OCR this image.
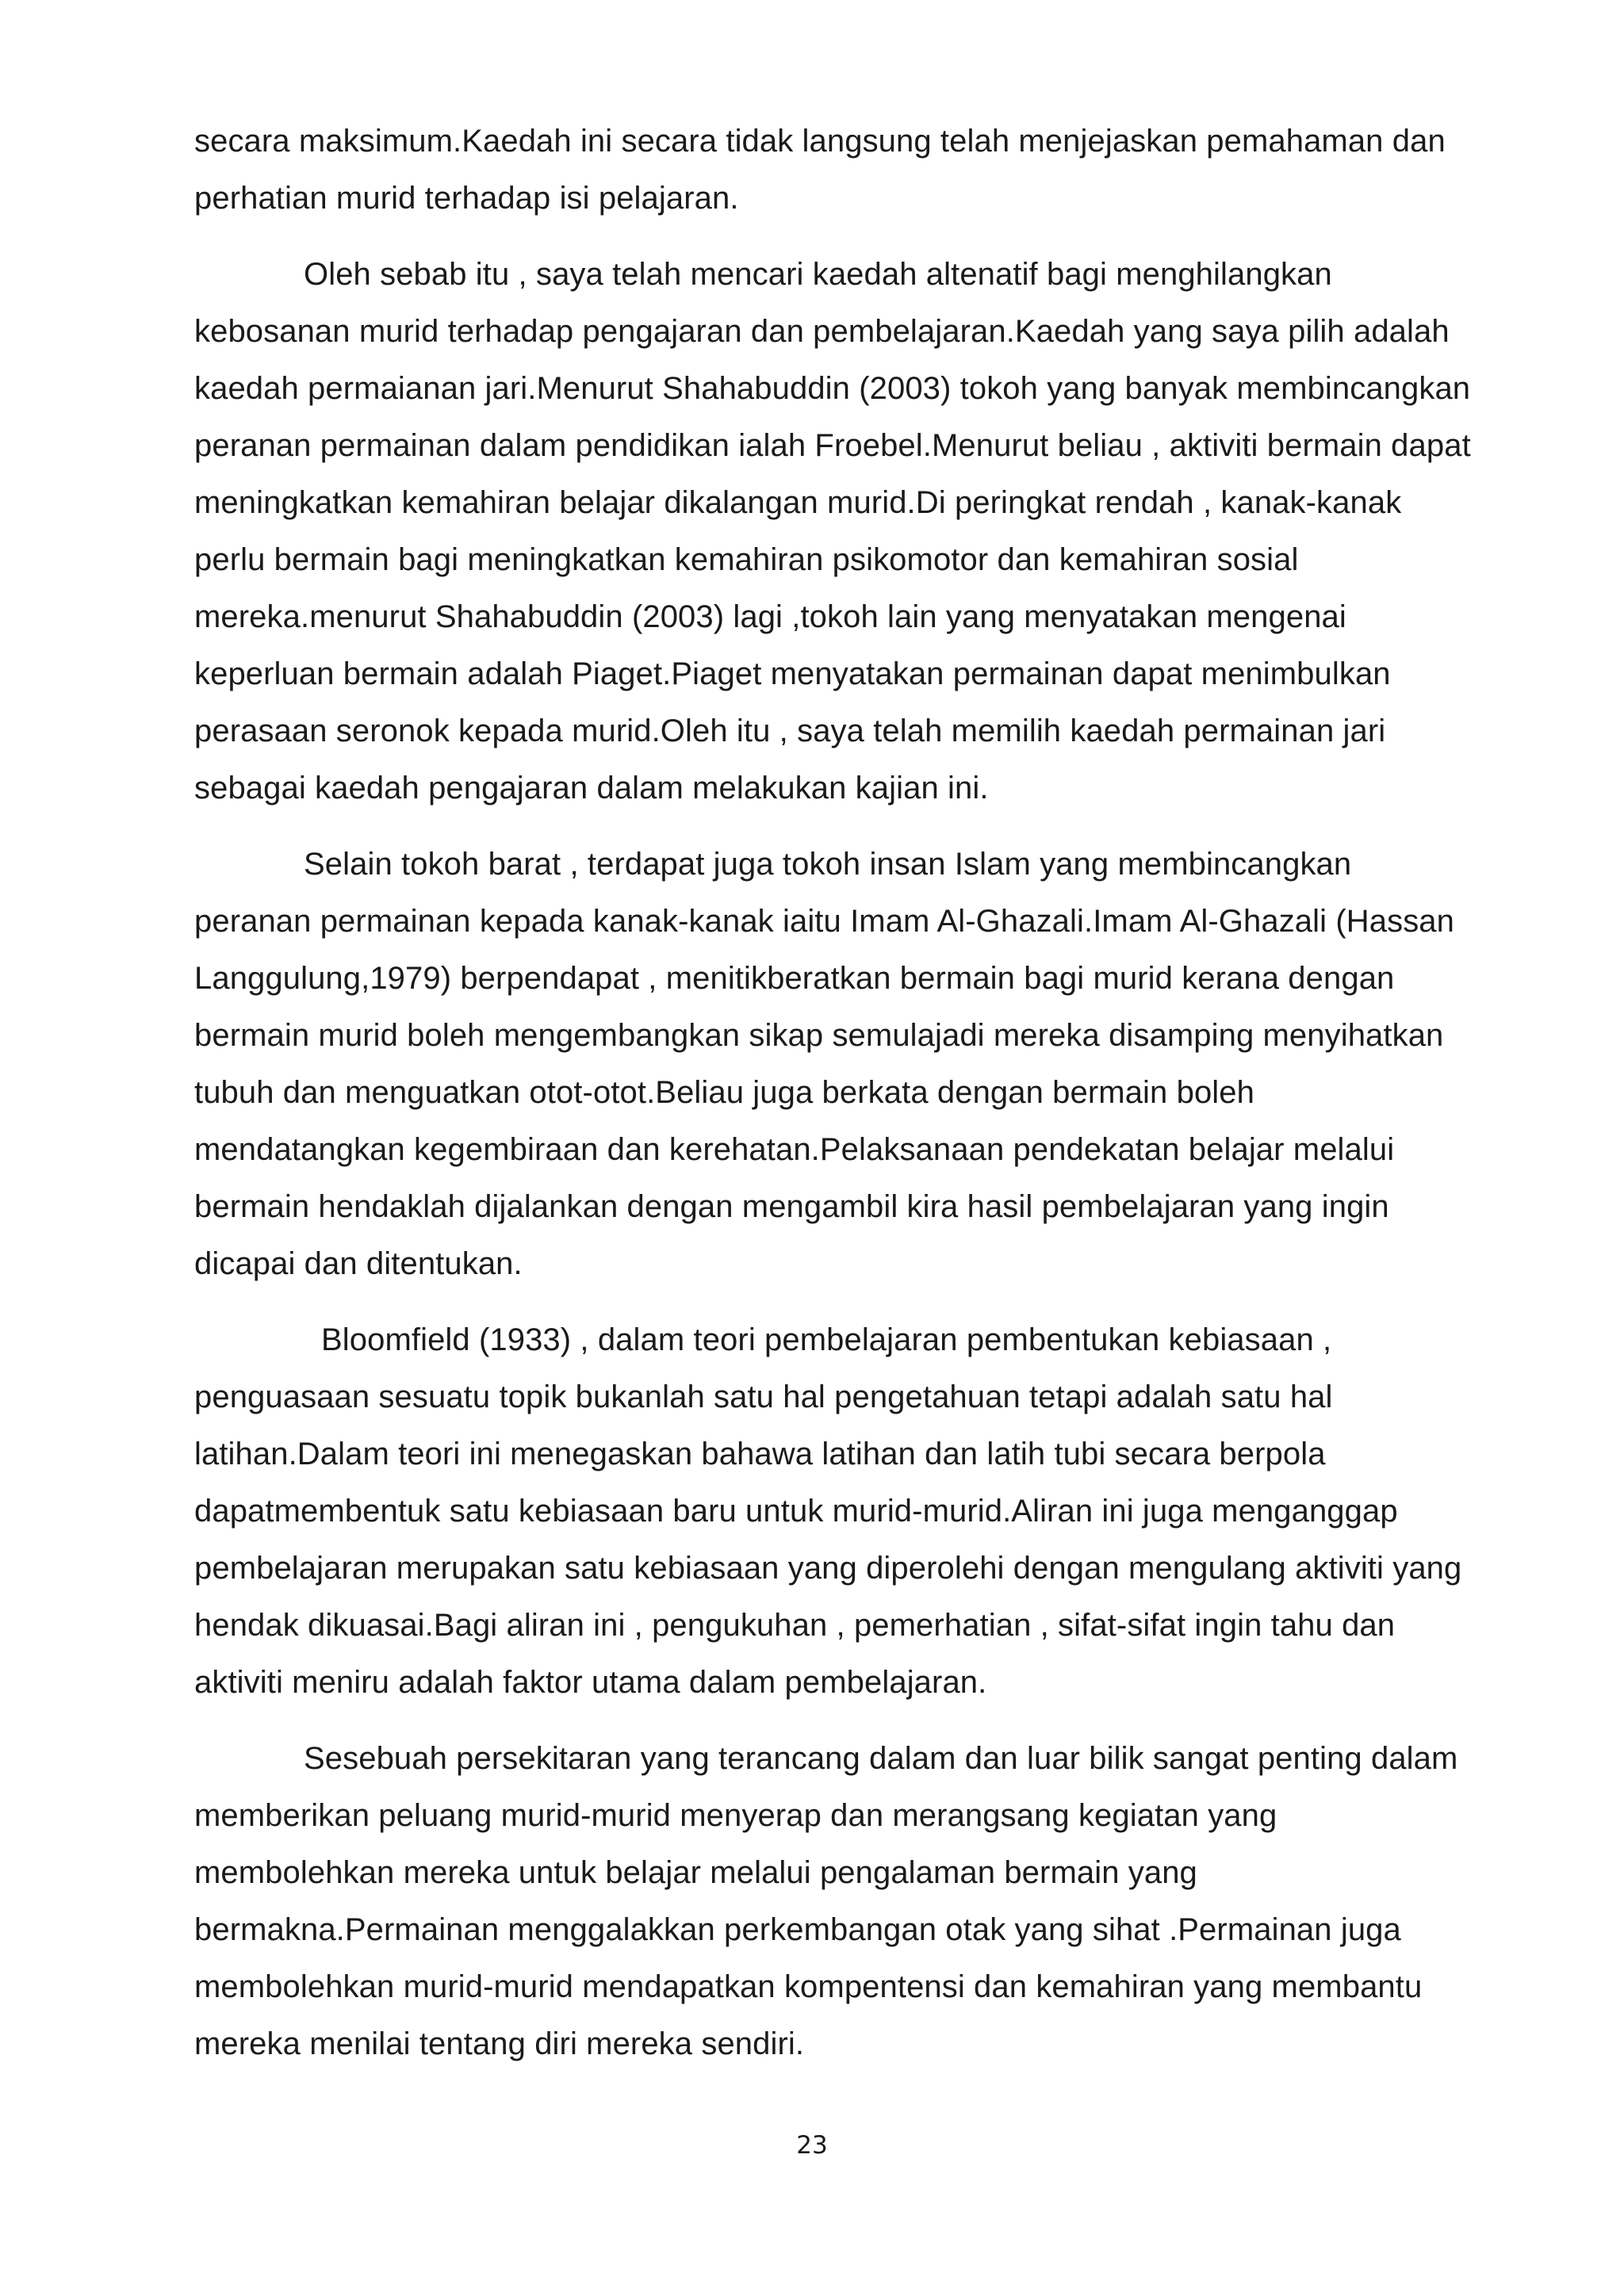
secara maksimum.Kaedah ini secara tidak langsung telah menjejaskan pemahaman dan
perhatian murid terhadap isi pelajaran.
Oleh sebab itu , saya telah mencari kaedah altenatif bagi menghilangkan
kebosanan murid terhadap pengajaran dan pembelajaran.Kaedah yang saya pilih adalah
kaedah permaianan jari.Menurut Shahabuddin (2003) tokoh yang banyak membincangkan
peranan permainan dalam pendidikan ialah Froebel.Menurut beliau , aktiviti bermain dapat
meningkatkan kemahiran belajar dikalangan murid.Di peringkat rendah , kanak-kanak
perlu bermain bagi meningkatkan kemahiran psikomotor dan kemahiran sosial
mereka.menurut Shahabuddin (2003) lagi ,tokoh lain yang menyatakan mengenai
keperluan bermain adalah Piaget.Piaget menyatakan permainan dapat menimbulkan
perasaan seronok kepada murid.Oleh itu , saya telah memilih kaedah permainan jari
sebagai kaedah pengajaran dalam melakukan kajian ini.
Selain tokoh barat , terdapat juga tokoh insan Islam yang membincangkan
peranan permainan kepada kanak-kanak iaitu Imam Al-Ghazali.Imam Al-Ghazali (Hassan
Langgulung,1979) berpendapat , menitikberatkan bermain bagi murid kerana dengan
bermain murid boleh mengembangkan sikap semulajadi mereka disamping menyihatkan
tubuh dan menguatkan otot-otot.Beliau juga berkata dengan bermain boleh
mendatangkan kegembiraan dan kerehatan.Pelaksanaan pendekatan belajar melalui
bermain hendaklah dijalankan dengan mengambil kira hasil pembelajaran yang ingin
dicapai dan ditentukan.
Bloomfield (1933) , dalam teori pembelajaran pembentukan kebiasaan ,
penguasaan sesuatu topik bukanlah satu hal pengetahuan tetapi adalah satu hal
latihan.Dalam teori ini menegaskan bahawa latihan dan latih tubi secara berpola
dapatmembentuk satu kebiasaan baru untuk murid-murid.Aliran ini juga menganggap
pembelajaran merupakan satu kebiasaan yang diperolehi dengan mengulang aktiviti yang
hendak dikuasai.Bagi aliran ini , pengukuhan , pemerhatian , sifat-sifat ingin tahu dan
aktiviti meniru adalah faktor utama dalam pembelajaran.
Sesebuah persekitaran yang terancang dalam dan luar bilik sangat penting dalam
memberikan peluang murid-murid menyerap dan merangsang kegiatan yang
membolehkan mereka untuk belajar melalui pengalaman bermain yang
bermakna.Permainan menggalakkan perkembangan otak yang sihat .Permainan juga
membolehkan murid-murid mendapatkan kompentensi dan kemahiran yang membantu
mereka menilai tentang diri mereka sendiri.
23
